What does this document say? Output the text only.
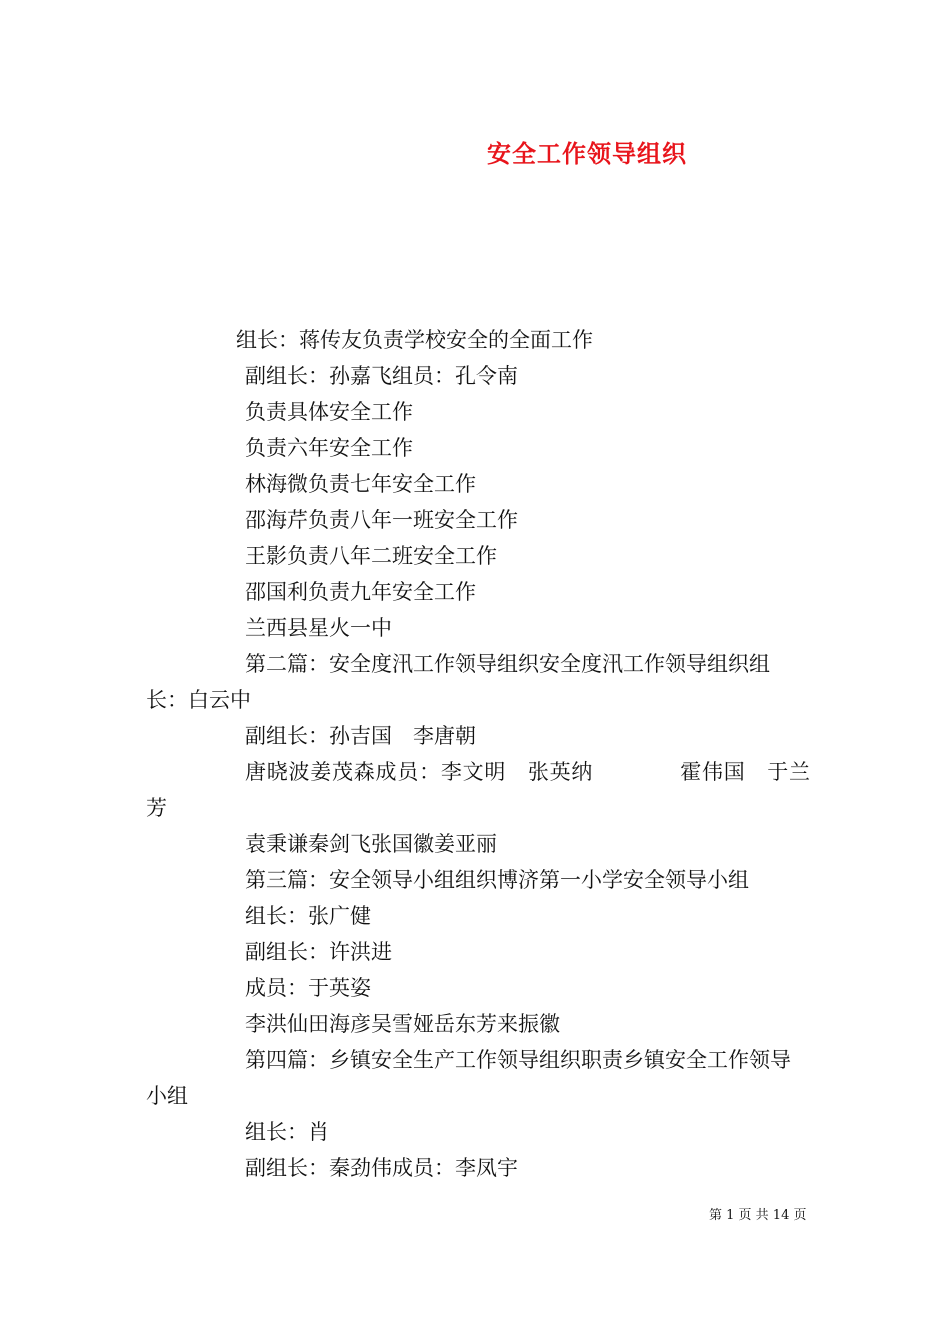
安全工作领导组织
组长：蒋传友负责学校安全的全面工作
副组长：孙嘉飞组员：孔令南
负责具体安全工作
负责六年安全工作
林海微负责七年安全工作
邵海芹负责八年一班安全工作
王影负责八年二班安全工作
邵国利负责九年安全工作
兰西县星火一中
第二篇：安全度汛工作领导组织安全度汛工作领导组织组长：白云中
副组长：孙吉国　李唐朝
唐晓波姜茂森成员：李文明　张英纳　　　　霍伟国　于兰芳
袁秉谦秦剑飞张国徽姜亚丽
第三篇：安全领导小组组织博济第一小学安全领导小组
组长：张广健
副组长：许洪进
成员：于英姿
李洪仙田海彦吴雪娅岳东芳来振徽
第四篇：乡镇安全生产工作领导组织职责乡镇安全工作领导小组
组长：肖
副组长：秦劲伟成员：李凤宇
第 1 页 共 14 页
